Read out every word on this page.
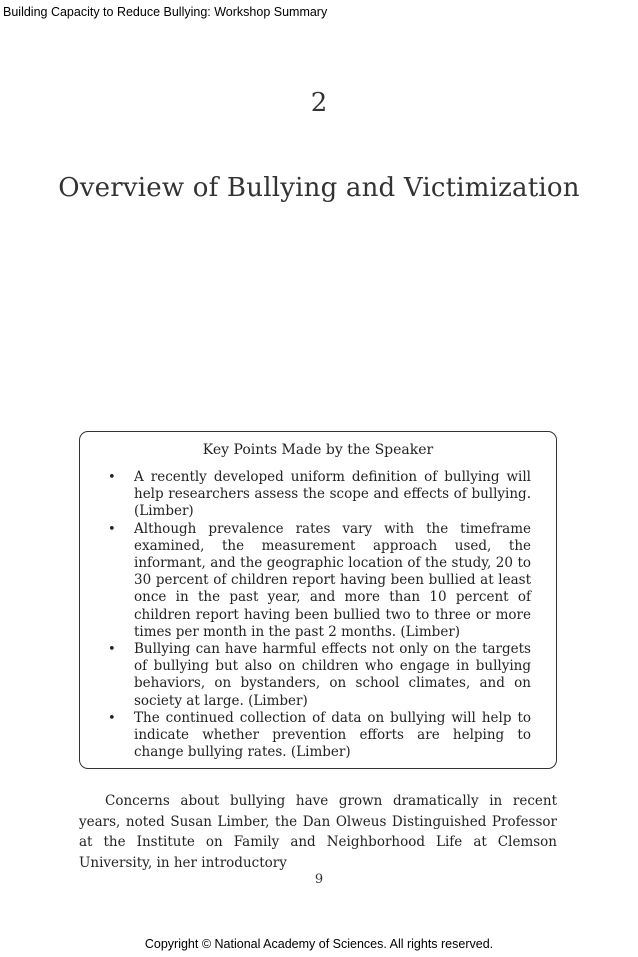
Building Capacity to Reduce Bullying: Workshop Summary
2
Overview of Bullying and Victimization
Key Points Made by the Speaker
• A recently developed uniform definition of bullying will help researchers assess the scope and effects of bullying. (Limber)
• Although prevalence rates vary with the timeframe examined, the measurement approach used, the informant, and the geographic location of the study, 20 to 30 percent of children report having been bullied at least once in the past year, and more than 10 percent of children report having been bullied two to three or more times per month in the past 2 months. (Limber)
• Bullying can have harmful effects not only on the targets of bullying but also on children who engage in bullying behaviors, on bystanders, on school climates, and on society at large. (Limber)
• The continued collection of data on bullying will help to indicate whether prevention efforts are helping to change bullying rates. (Limber)

Concerns about bullying have grown dramatically in recent years, noted Susan Limber, the Dan Olweus Distinguished Professor at the Institute on Family and Neighborhood Life at Clemson University, in her introductory

9
Copyright © National Academy of Sciences. All rights reserved.
